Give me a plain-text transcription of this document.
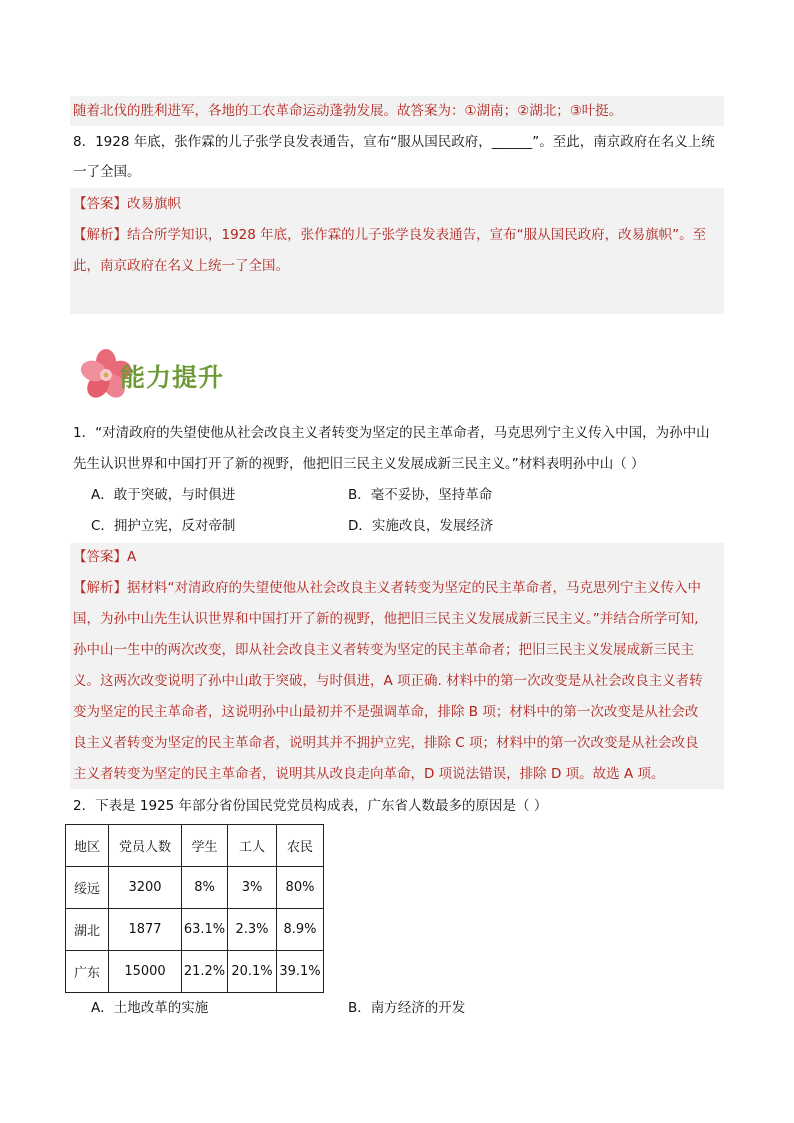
随着北伐的胜利进军，各地的工农革命运动蓬勃发展。故答案为：①湖南；②湖北；③叶挺。
8．1928 年底，张作霖的儿子张学良发表通告，宣布“服从国民政府，______”。至此，南京政府在名义上统
一了全国。
【答案】改易旗帜
【解析】结合所学知识，1928 年底，张作霖的儿子张学良发表通告，宣布“服从国民政府，改易旗帜”。至
此，南京政府在名义上统一了全国。
能力提升
1．“对清政府的失望使他从社会改良主义者转变为坚定的民主革命者，马克思列宁主义传入中国，为孙中山
先生认识世界和中国打开了新的视野，他把旧三民主义发展成新三民主义。”材料表明孙中山（ ）
A．敢于突破，与时俱进	B．毫不妥协，坚持革命
C．拥护立宪，反对帝制	D．实施改良，发展经济
【答案】A
【解析】据材料“对清政府的失望使他从社会改良主义者转变为坚定的民主革命者，马克思列宁主义传入中
国，为孙中山先生认识世界和中国打开了新的视野，他把旧三民主义发展成新三民主义。”并结合所学可知,
孙中山一生中的两次改变，即从社会改良主义者转变为坚定的民主革命者；把旧三民主义发展成新三民主
义。这两次改变说明了孙中山敢于突破，与时俱进，A 项正确. 材料中的第一次改变是从社会改良主义者转
变为坚定的民主革命者，这说明孙中山最初并不是强调革命，排除 B 项；材料中的第一次改变是从社会改
良主义者转变为坚定的民主革命者，说明其并不拥护立宪，排除 C 项；材料中的第一次改变是从社会改良
主义者转变为坚定的民主革命者，说明其从改良走向革命，D 项说法错误，排除 D 项。故选 A 项。
2．下表是 1925 年部分省份国民党党员构成表，广东省人数最多的原因是（ ）
地区	党员人数	学生	工人	农民
绥远	3200	8%	3%	80%
湖北	1877	63.1%	2.3%	8.9%
广东	15000	21.2%	20.1%	39.1%
A．土地改革的实施	B．南方经济的开发
